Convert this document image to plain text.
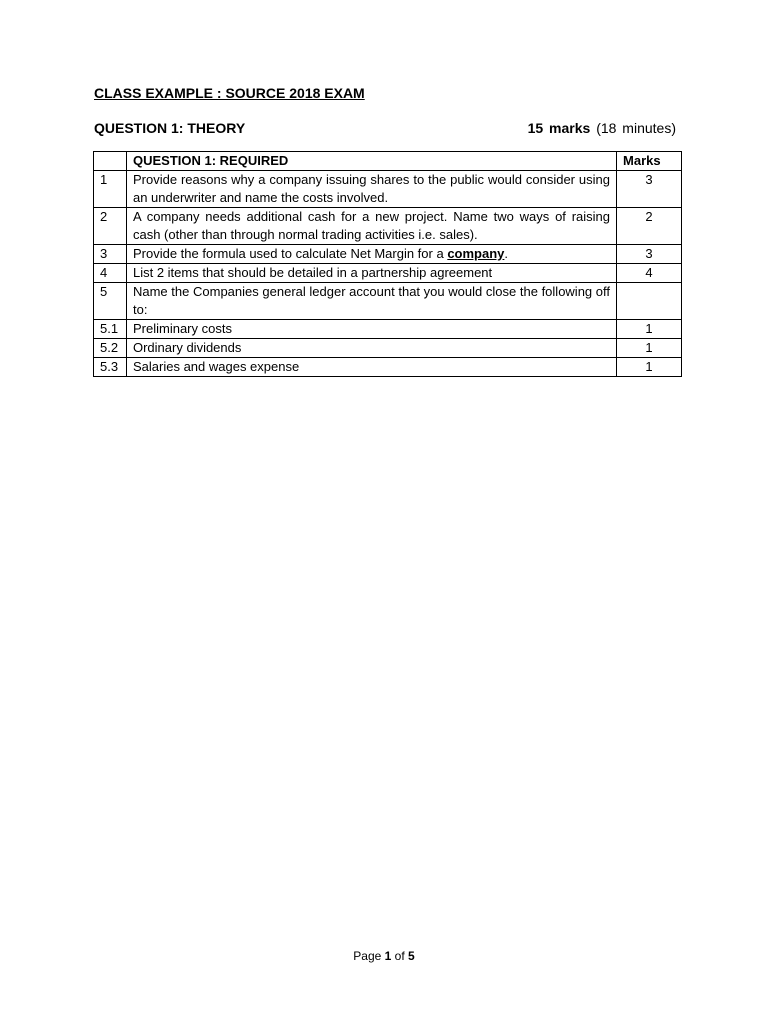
CLASS EXAMPLE : SOURCE 2018 EXAM
QUESTION 1: THEORY	15 marks (18 minutes)
	QUESTION 1: REQUIRED	Marks
1	Provide reasons why a company issuing shares to the public would consider using an underwriter and name the costs involved.	3
2	A company needs additional cash for a new project. Name two ways of raising cash (other than through normal trading activities i.e. sales).	2
3	Provide the formula used to calculate Net Margin for a company.	3
4	List 2 items that should be detailed in a partnership agreement	4
5	Name the Companies general ledger account that you would close the following off to:	
5.1	Preliminary costs	1
5.2	Ordinary dividends	1
5.3	Salaries and wages expense	1
Page 1 of 5
